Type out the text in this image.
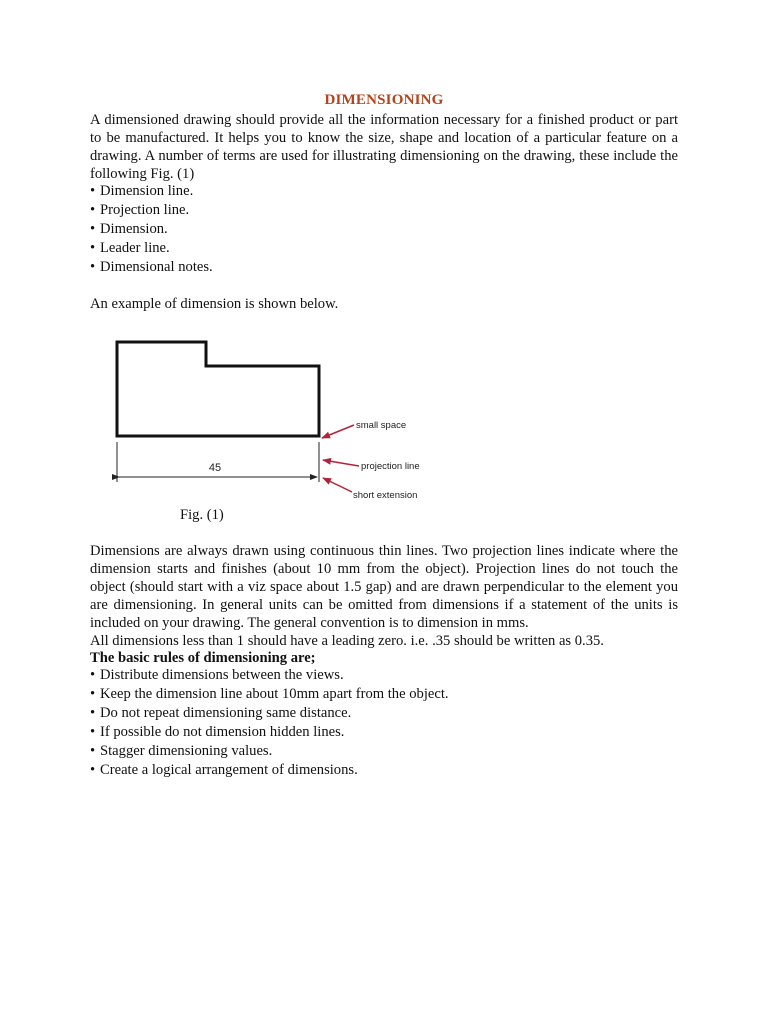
DIMENSIONING
A dimensioned drawing should provide all the information necessary for a finished product or part to be manufactured. It helps you to know the size, shape and location of a particular feature on a drawing. A number of terms are used for illustrating dimensioning on the drawing, these include the following Fig. (1)
• Dimension line.
• Projection line.
• Dimension.
• Leader line.
• Dimensional notes.
An example of dimension is shown below.
45
small space
projection line
short extension
Fig. (1)
Dimensions are always drawn using continuous thin lines. Two projection lines indicate where the dimension starts and finishes (about 10 mm from the object). Projection lines do not touch the object (should start with a viz space about 1.5 gap) and are drawn perpendicular to the element you are dimensioning. In general units can be omitted from dimensions if a statement of the units is included on your drawing. The general convention is to dimension in mms.
All dimensions less than 1 should have a leading zero. i.e. .35 should be written as 0.35.
The basic rules of dimensioning are;
• Distribute dimensions between the views.
• Keep the dimension line about 10mm apart from the object.
• Do not repeat dimensioning same distance.
• If possible do not dimension hidden lines.
• Stagger dimensioning values.
• Create a logical arrangement of dimensions.
